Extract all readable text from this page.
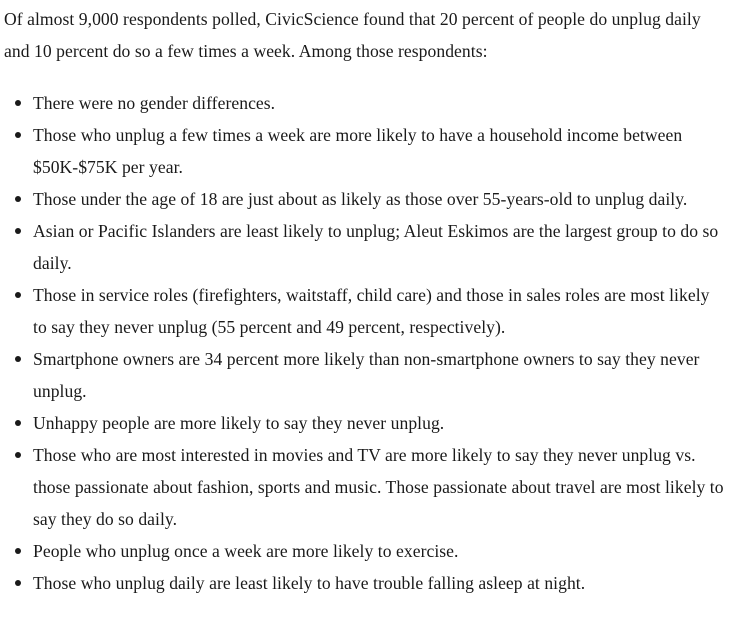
Of almost 9,000 respondents polled, CivicScience found that 20 percent of people do unplug daily and 10 percent do so a few times a week. Among those respondents:

There were no gender differences.
Those who unplug a few times a week are more likely to have a household income between $50K-$75K per year.
Those under the age of 18 are just about as likely as those over 55-years-old to unplug daily.
Asian or Pacific Islanders are least likely to unplug; Aleut Eskimos are the largest group to do so daily.
Those in service roles (firefighters, waitstaff, child care) and those in sales roles are most likely to say they never unplug (55 percent and 49 percent, respectively).
Smartphone owners are 34 percent more likely than non-smartphone owners to say they never unplug.
Unhappy people are more likely to say they never unplug.
Those who are most interested in movies and TV are more likely to say they never unplug vs. those passionate about fashion, sports and music. Those passionate about travel are most likely to say they do so daily.
People who unplug once a week are more likely to exercise.
Those who unplug daily are least likely to have trouble falling asleep at night.
